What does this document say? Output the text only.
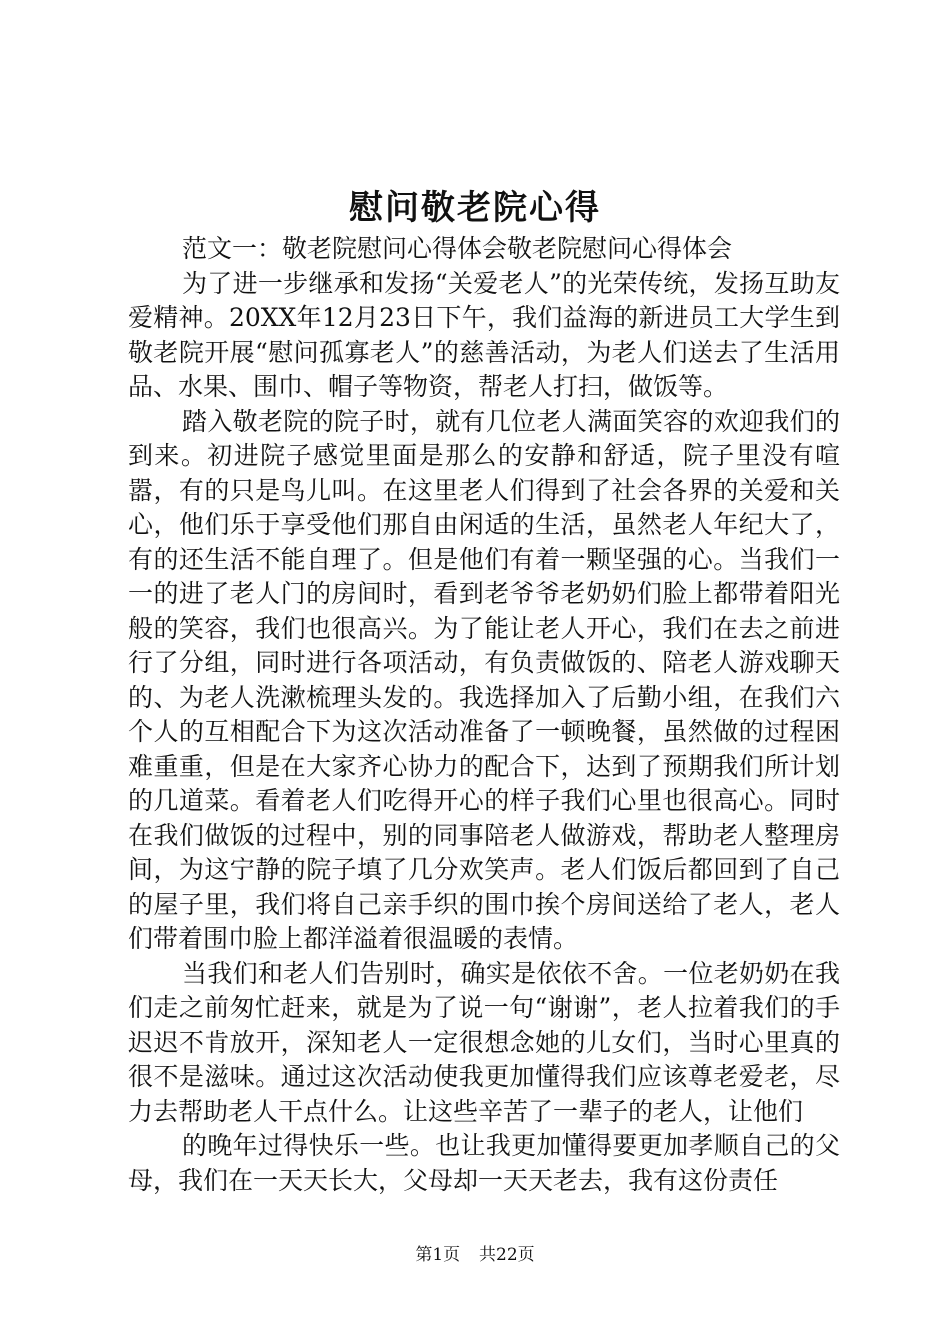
慰问敬老院心得

范文一：敬老院慰问心得体会敬老院慰问心得体会

为了进一步继承和发扬“关爱老人”的光荣传统，发扬互助友爱精神。20XX年12月23日下午，我们益海的新进员工大学生到敬老院开展“慰问孤寡老人”的慈善活动，为老人们送去了生活用品、水果、围巾、帽子等物资，帮老人打扫，做饭等。

踏入敬老院的院子时，就有几位老人满面笑容的欢迎我们的到来。初进院子感觉里面是那么的安静和舒适，院子里没有喧嚣，有的只是鸟儿叫。在这里老人们得到了社会各界的关爱和关心，他们乐于享受他们那自由闲适的生活，虽然老人年纪大了，有的还生活不能自理了。但是他们有着一颗坚强的心。当我们一一的进了老人门的房间时，看到老爷爷老奶奶们脸上都带着阳光般的笑容，我们也很高兴。为了能让老人开心，我们在去之前进行了分组，同时进行各项活动，有负责做饭的、陪老人游戏聊天的、为老人洗漱梳理头发的。我选择加入了后勤小组，在我们六个人的互相配合下为这次活动准备了一顿晚餐，虽然做的过程困难重重，但是在大家齐心协力的配合下，达到了预期我们所计划的几道菜。看着老人们吃得开心的样子我们心里也很高心。同时在我们做饭的过程中，别的同事陪老人做游戏，帮助老人整理房间，为这宁静的院子填了几分欢笑声。老人们饭后都回到了自己的屋子里，我们将自己亲手织的围巾挨个房间送给了老人，老人们带着围巾脸上都洋溢着很温暖的表情。

当我们和老人们告别时，确实是依依不舍。一位老奶奶在我们走之前匆忙赶来，就是为了说一句“谢谢”，老人拉着我们的手迟迟不肯放开，深知老人一定很想念她的儿女们，当时心里真的很不是滋味。通过这次活动使我更加懂得我们应该尊老爱老，尽力去帮助老人干点什么。让这些辛苦了一辈子的老人，让他们

的晚年过得快乐一些。也让我更加懂得要更加孝顺自己的父母，我们在一天天长大，父母却一天天老去，我有这份责任

第1页 共22页
